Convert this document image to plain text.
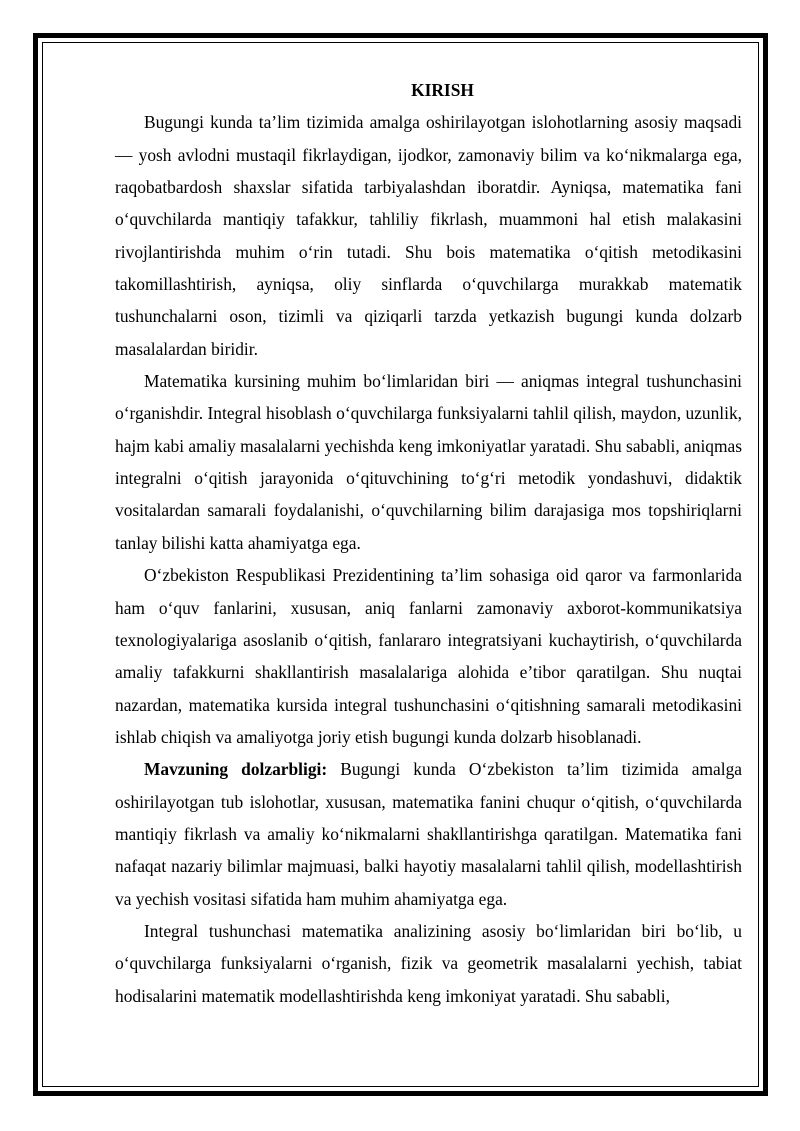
KIRISH

Bugungi kunda ta’lim tizimida amalga oshirilayotgan islohotlarning asosiy maqsadi — yosh avlodni mustaqil fikrlaydigan, ijodkor, zamonaviy bilim va ko‘nikmalarga ega, raqobatbardosh shaxslar sifatida tarbiyalashdan iboratdir. Ayniqsa, matematika fani o‘quvchilarda mantiqiy tafakkur, tahliliy fikrlash, muammoni hal etish malakasini rivojlantirishda muhim o‘rin tutadi. Shu bois matematika o‘qitish metodikasini takomillashtirish, ayniqsa, oliy sinflarda o‘quvchilarga murakkab matematik tushunchalarni oson, tizimli va qiziqarli tarzda yetkazish bugungi kunda dolzarb masalalardan biridir.

Matematika kursining muhim bo‘limlaridan biri — aniqmas integral tushunchasini o‘rganishdir. Integral hisoblash o‘quvchilarga funksiyalarni tahlil qilish, maydon, uzunlik, hajm kabi amaliy masalalarni yechishda keng imkoniyatlar yaratadi. Shu sababli, aniqmas integralni o‘qitish jarayonida o‘qituvchining to‘g‘ri metodik yondashuvi, didaktik vositalardan samarali foydalanishi, o‘quvchilarning bilim darajasiga mos topshiriqlarni tanlay bilishi katta ahamiyatga ega.

O‘zbekiston Respublikasi Prezidentining ta’lim sohasiga oid qaror va farmonlarida ham o‘quv fanlarini, xususan, aniq fanlarni zamonaviy axborot-kommunikatsiya texnologiyalariga asoslanib o‘qitish, fanlararo integratsiyani kuchaytirish, o‘quvchilarda amaliy tafakkurni shakllantirish masalalariga alohida e’tibor qaratilgan. Shu nuqtai nazardan, matematika kursida integral tushunchasini o‘qitishning samarali metodikasini ishlab chiqish va amaliyotga joriy etish bugungi kunda dolzarb hisoblanadi.

Mavzuning dolzarbligi: Bugungi kunda O‘zbekiston ta’lim tizimida amalga oshirilayotgan tub islohotlar, xususan, matematika fanini chuqur o‘qitish, o‘quvchilarda mantiqiy fikrlash va amaliy ko‘nikmalarni shakllantirishga qaratilgan. Matematika fani nafaqat nazariy bilimlar majmuasi, balki hayotiy masalalarni tahlil qilish, modellashtirish va yechish vositasi sifatida ham muhim ahamiyatga ega.

Integral tushunchasi matematika analizining asosiy bo‘limlaridan biri bo‘lib, u o‘quvchilarga funksiyalarni o‘rganish, fizik va geometrik masalalarni yechish, tabiat hodisalarini matematik modellashtirishda keng imkoniyat yaratadi. Shu sababli,
